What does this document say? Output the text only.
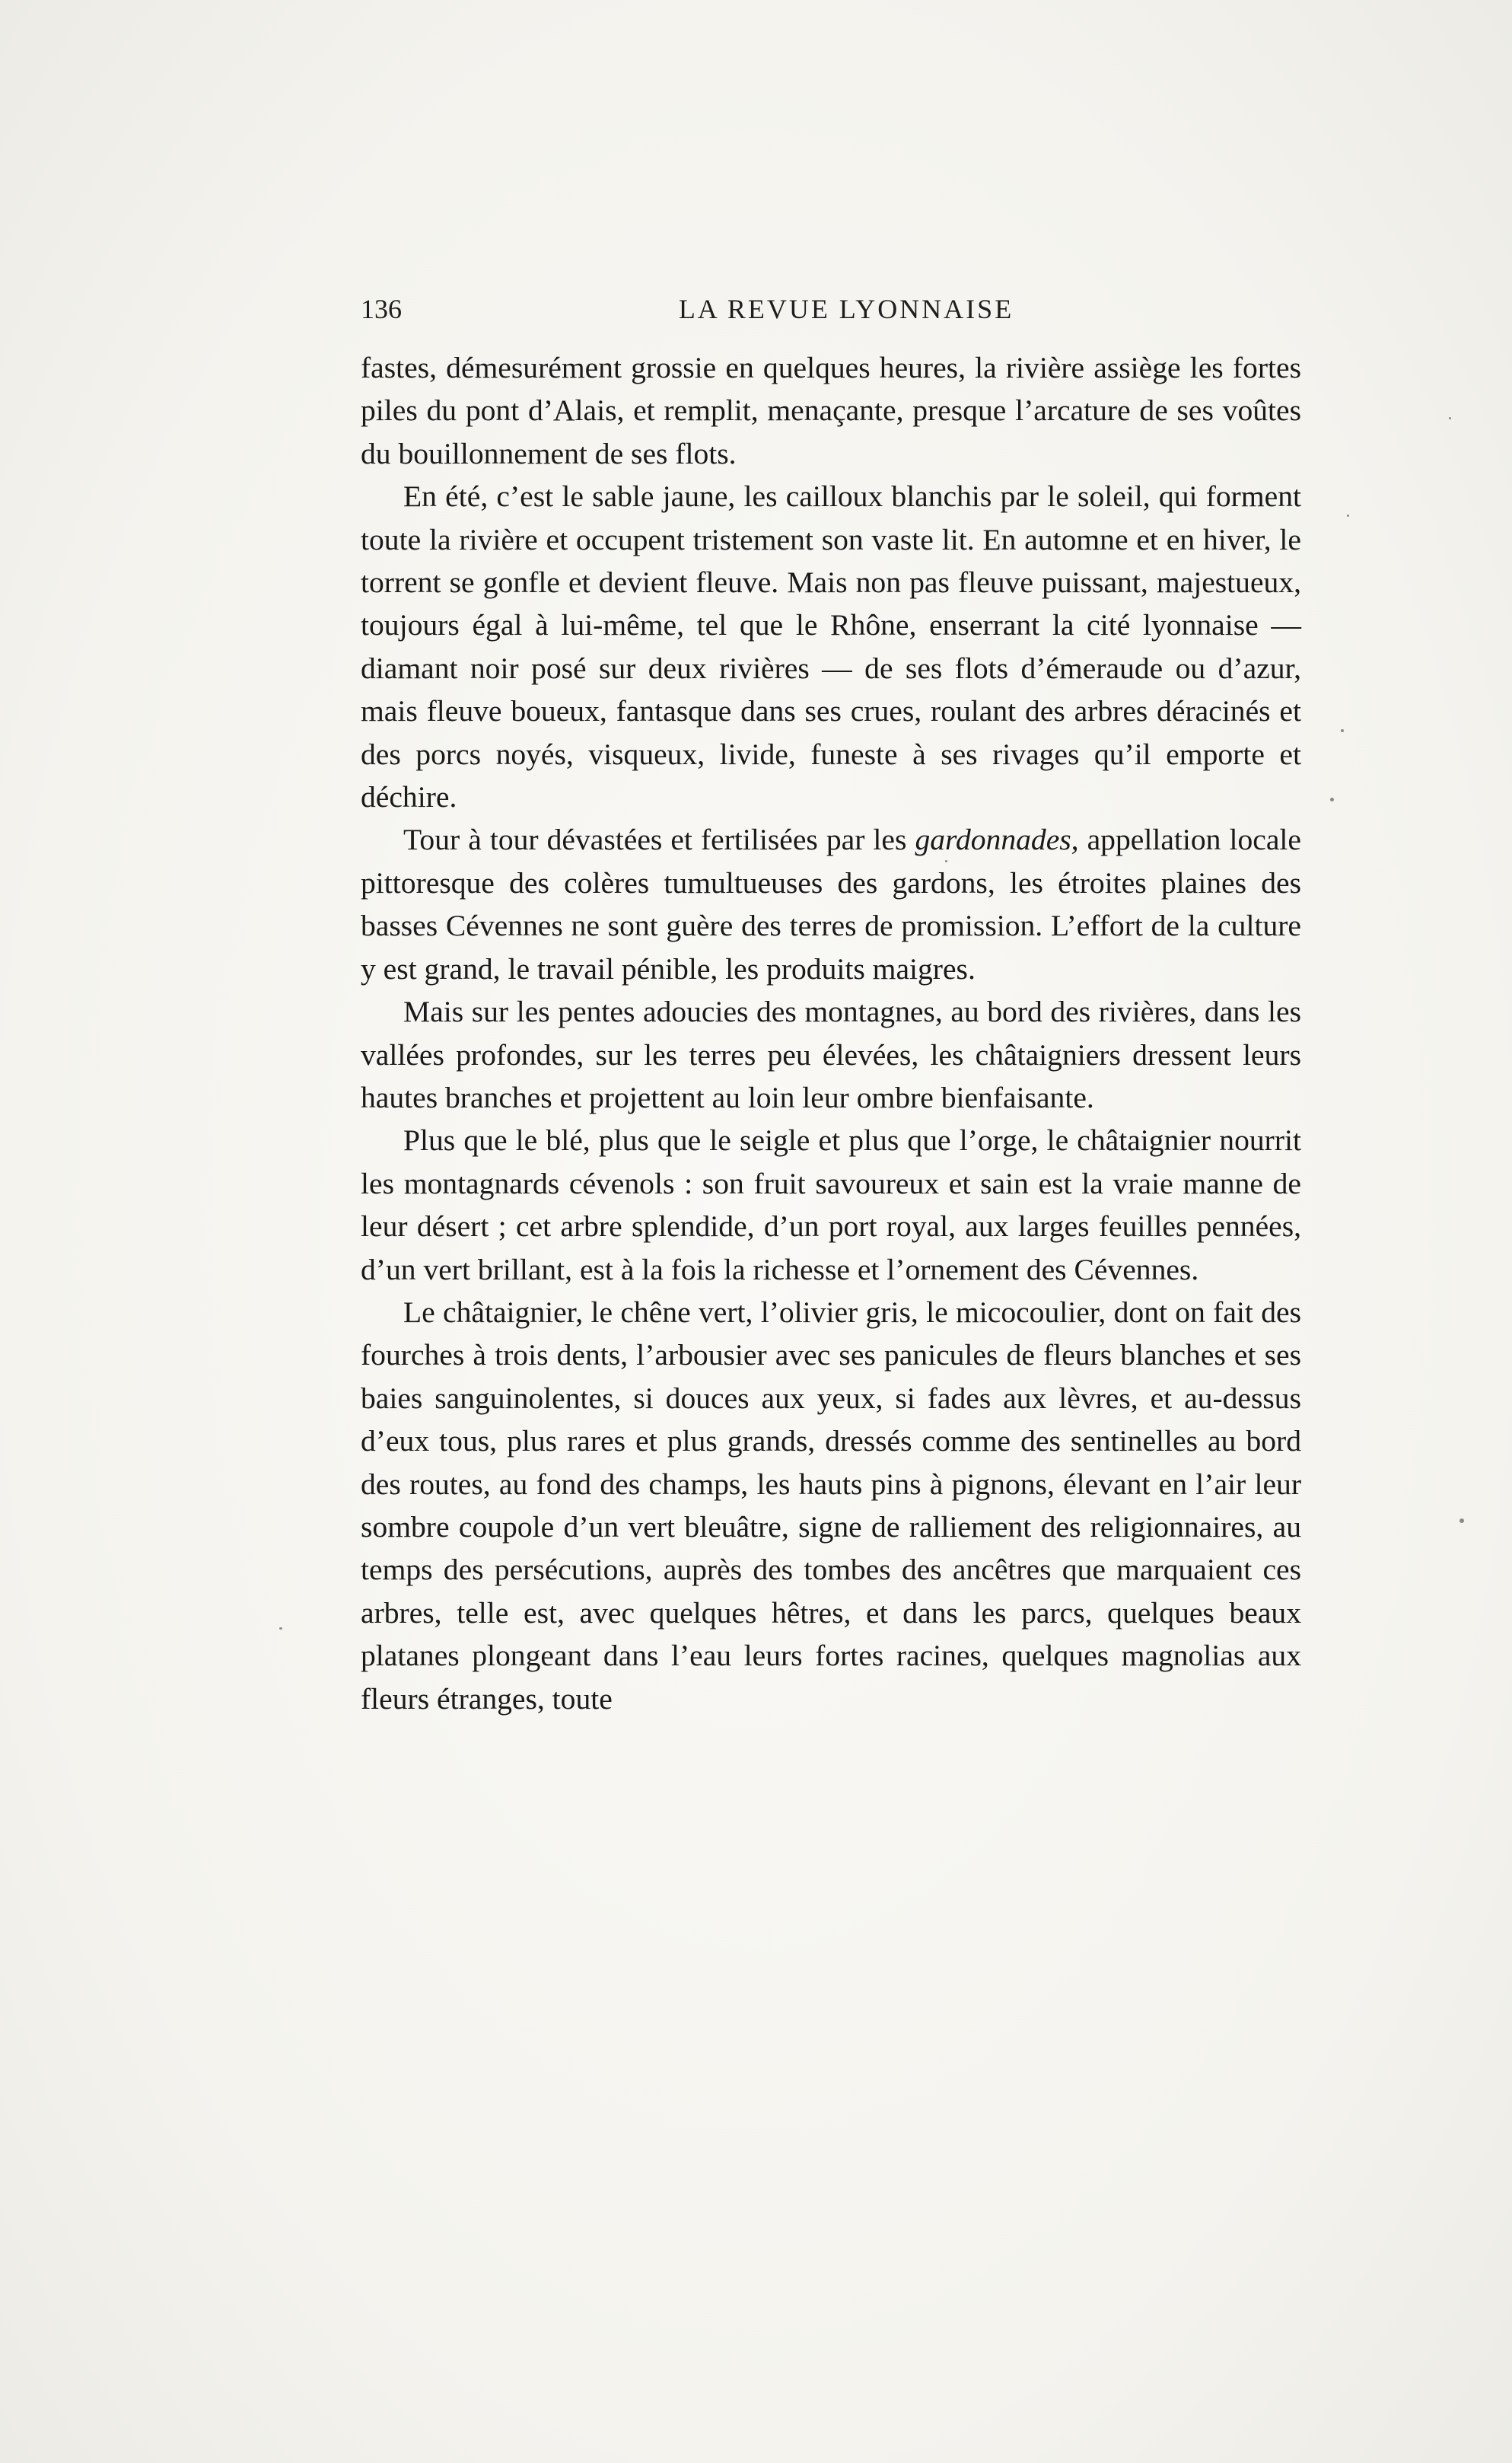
136	LA REVUE LYONNAISE

fastes, démesurément grossie en quelques heures, la rivière assiège les fortes piles du pont d’Alais, et remplit, menaçante, presque l’arcature de ses voûtes du bouillonnement de ses flots.

En été, c’est le sable jaune, les cailloux blanchis par le soleil, qui forment toute la rivière et occupent tristement son vaste lit. En automne et en hiver, le torrent se gonfle et devient fleuve. Mais non pas fleuve puissant, majestueux, toujours égal à lui-même, tel que le Rhône, enserrant la cité lyonnaise — diamant noir posé sur deux rivières — de ses flots d’émeraude ou d’azur, mais fleuve boueux, fantasque dans ses crues, roulant des arbres déracinés et des porcs noyés, visqueux, livide, funeste à ses rivages qu’il emporte et déchire.

Tour à tour dévastées et fertilisées par les gardonnades, appellation locale pittoresque des colères tumultueuses des gardons, les étroites plaines des basses Cévennes ne sont guère des terres de promission. L’effort de la culture y est grand, le travail pénible, les produits maigres.

Mais sur les pentes adoucies des montagnes, au bord des rivières, dans les vallées profondes, sur les terres peu élevées, les châtaigniers dressent leurs hautes branches et projettent au loin leur ombre bienfaisante.

Plus que le blé, plus que le seigle et plus que l’orge, le châtaignier nourrit les montagnards cévenols : son fruit savoureux et sain est la vraie manne de leur désert ; cet arbre splendide, d’un port royal, aux larges feuilles pennées, d’un vert brillant, est à la fois la richesse et l’ornement des Cévennes.

Le châtaignier, le chêne vert, l’olivier gris, le micocoulier, dont on fait des fourches à trois dents, l’arbousier avec ses panicules de fleurs blanches et ses baies sanguinolentes, si douces aux yeux, si fades aux lèvres, et au-dessus d’eux tous, plus rares et plus grands, dressés comme des sentinelles au bord des routes, au fond des champs, les hauts pins à pignons, élevant en l’air leur sombre coupole d’un vert bleuâtre, signe de ralliement des religionnaires, au temps des persécutions, auprès des tombes des ancêtres que marquaient ces arbres, telle est, avec quelques hêtres, et dans les parcs, quelques beaux platanes plongeant dans l’eau leurs fortes racines, quelques magnolias aux fleurs étranges, toute
